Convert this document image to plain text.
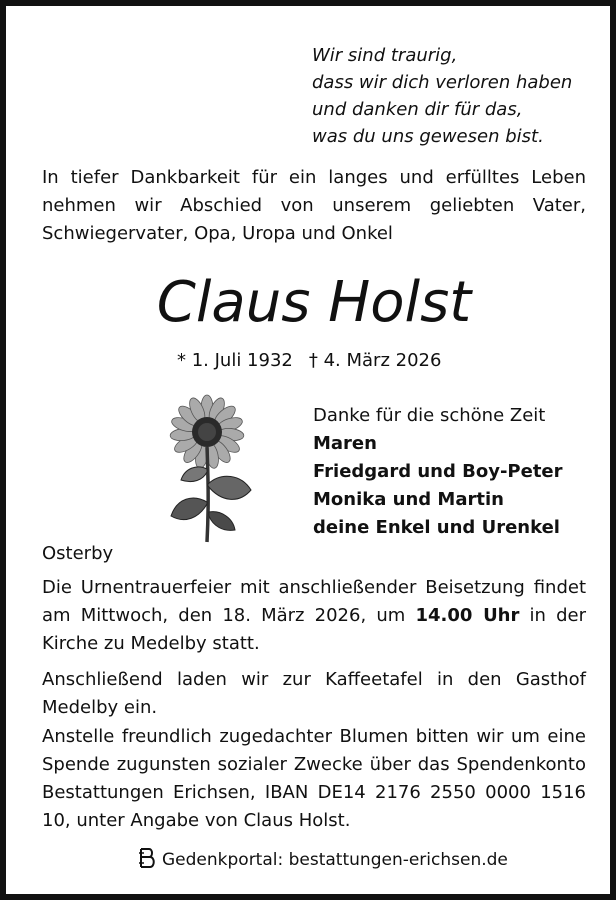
Wir sind traurig,
dass wir dich verloren haben
und danken dir für das,
was du uns gewesen bist.
In tiefer Dankbarkeit für ein langes und erfülltes Leben nehmen wir Abschied von unserem geliebten Vater, Schwiegervater, Opa, Uropa und Onkel
Claus Holst
* 1. Juli 1932 † 4. März 2026
Danke für die schöne Zeit
Maren
Friedgard und Boy-Peter
Monika und Martin
deine Enkel und Urenkel
Osterby
Die Urnentrauerfeier mit anschließender Beisetzung findet am Mittwoch, den 18. März 2026, um 14.00 Uhr in der Kirche zu Medelby statt.
Anschließend laden wir zur Kaffeetafel in den Gasthof Medelby ein.
Anstelle freundlich zugedachter Blumen bitten wir um eine Spende zugunsten sozialer Zwecke über das Spendenkonto Bestattungen Erichsen, IBAN DE14 2176 2550 0000 1516 10, unter Angabe von Claus Holst.
Gedenkportal: bestattungen-erichsen.de
